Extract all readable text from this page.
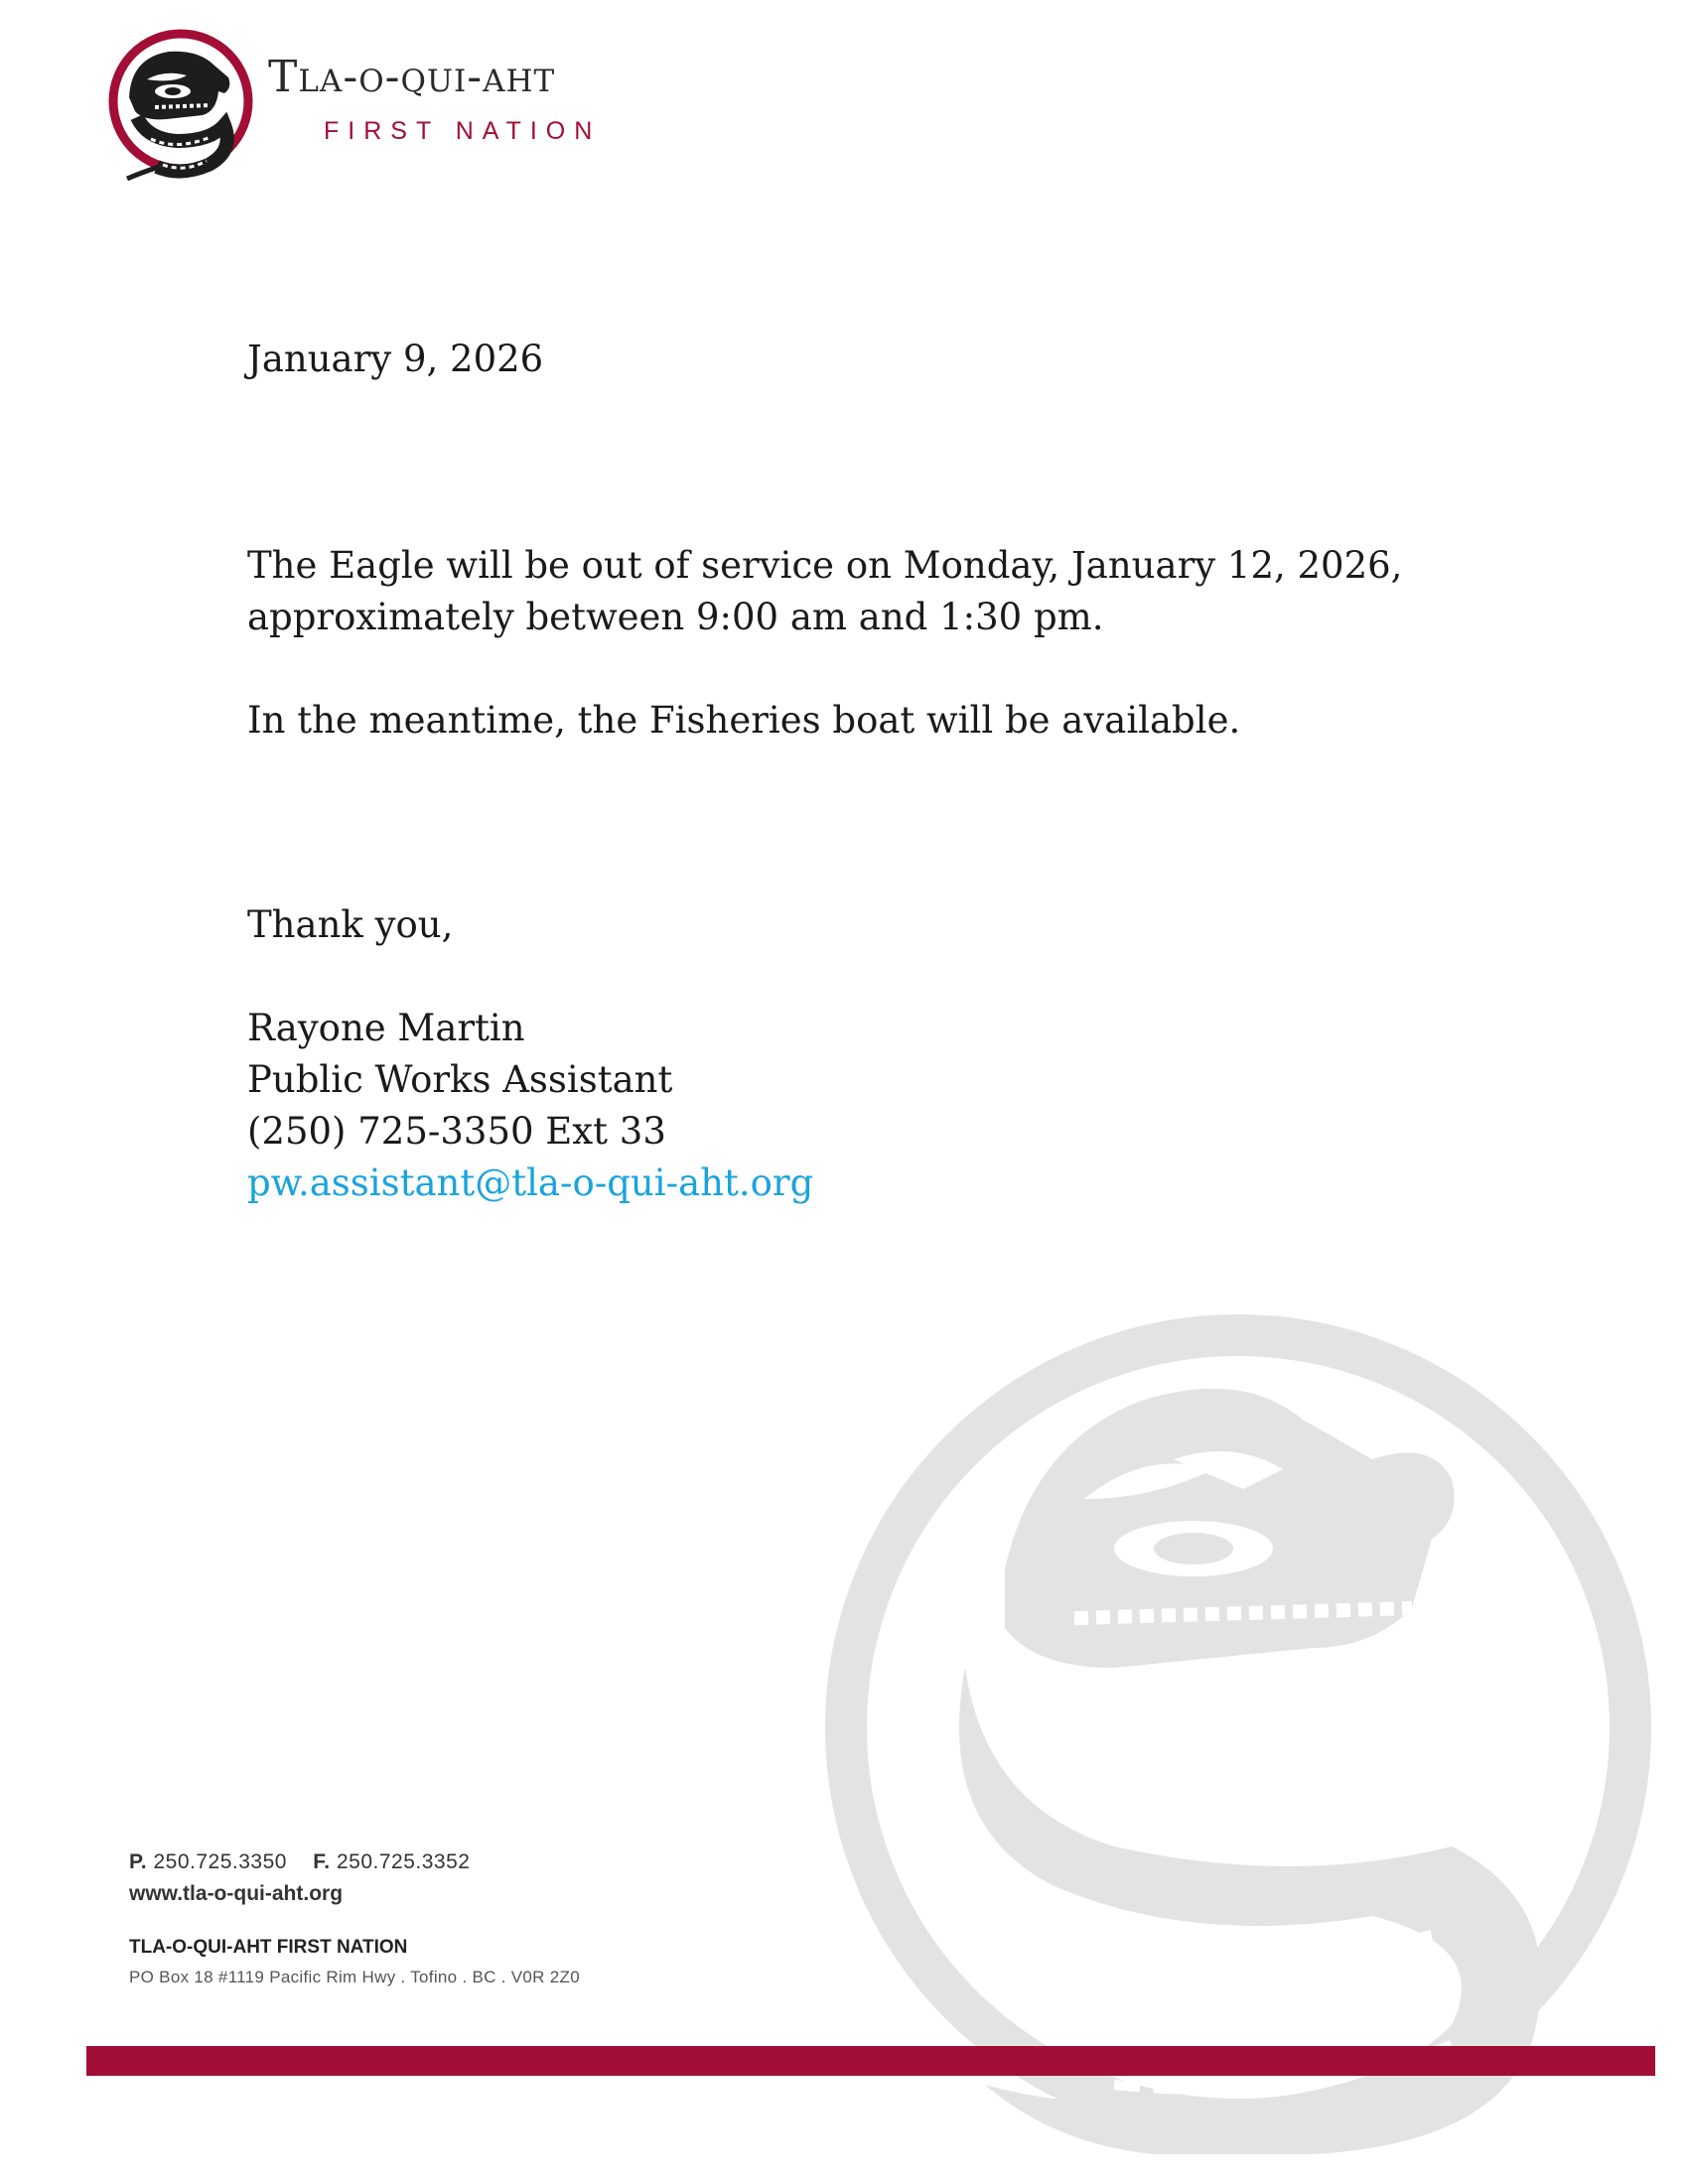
Tla-o-qui-aht
FIRST NATION
January 9, 2026
The Eagle will be out of service on Monday, January 12, 2026,
approximately between 9:00 am and 1:30 pm.
In the meantime, the Fisheries boat will be available.
Thank you,
Rayone Martin
Public Works Assistant
(250) 725-3350 Ext 33
pw.assistant@tla-o-qui-aht.org
P. 250.725.3350 F. 250.725.3352
www.tla-o-qui-aht.org
TLA-O-QUI-AHT FIRST NATION
PO Box 18 #1119 Pacific Rim Hwy . Tofino . BC . V0R 2Z0
